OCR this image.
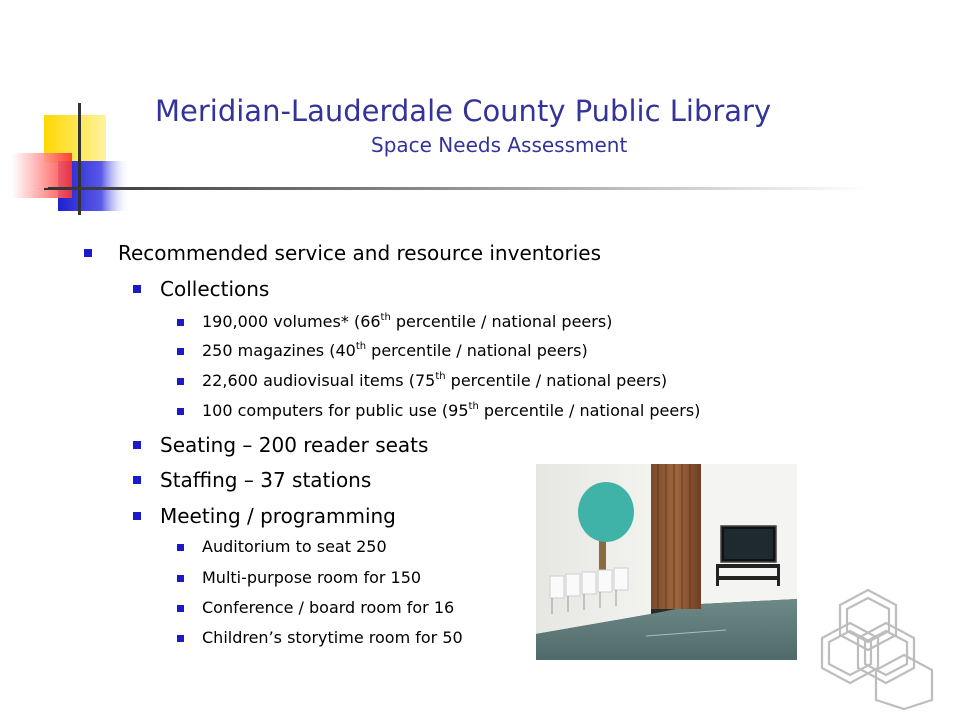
Meridian-Lauderdale County Public Library
Space Needs Assessment
Recommended service and resource inventories
Collections
190,000 volumes* (66th percentile / national peers)
250 magazines (40th percentile / national peers)
22,600 audiovisual items (75th percentile / national peers)
100 computers for public use (95th percentile / national peers)
Seating – 200 reader seats
Staffing – 37 stations
Meeting / programming
Auditorium to seat 250
Multi-purpose room for 150
Conference / board room for 16
Children’s storytime room for 50
